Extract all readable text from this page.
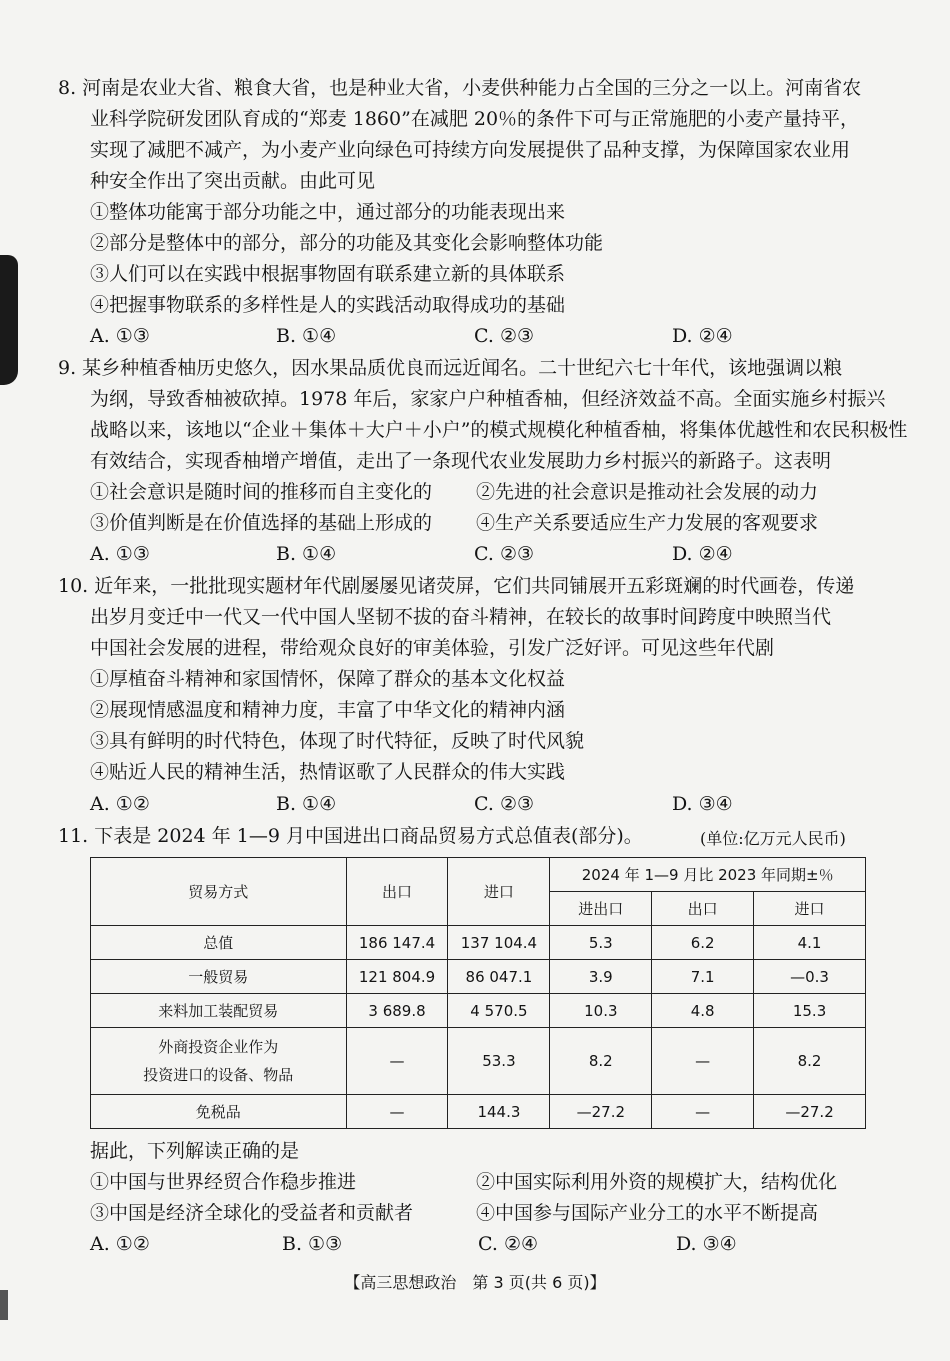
8. 河南是农业大省、粮食大省，也是种业大省，小麦供种能力占全国的三分之一以上。河南省农
业科学院研发团队育成的“郑麦 1860”在减肥 20％的条件下可与正常施肥的小麦产量持平，
实现了减肥不减产，为小麦产业向绿色可持续方向发展提供了品种支撑，为保障国家农业用
种安全作出了突出贡献。由此可见
①整体功能寓于部分功能之中，通过部分的功能表现出来
②部分是整体中的部分，部分的功能及其变化会影响整体功能
③人们可以在实践中根据事物固有联系建立新的具体联系
④把握事物联系的多样性是人的实践活动取得成功的基础
A. ①③	B. ①④	C. ②③	D. ②④
9. 某乡种植香柚历史悠久，因水果品质优良而远近闻名。二十世纪六七十年代，该地强调以粮
为纲，导致香柚被砍掉。1978 年后，家家户户种植香柚，但经济效益不高。全面实施乡村振兴
战略以来，该地以“企业＋集体＋大户＋小户”的模式规模化种植香柚，将集体优越性和农民积极性
有效结合，实现香柚增产增值，走出了一条现代农业发展助力乡村振兴的新路子。这表明
①社会意识是随时间的推移而自主变化的 ②先进的社会意识是推动社会发展的动力
③价值判断是在价值选择的基础上形成的 ④生产关系要适应生产力发展的客观要求
A. ①③	B. ①④	C. ②③	D. ②④
10. 近年来，一批批现实题材年代剧屡屡见诸荧屏，它们共同铺展开五彩斑斓的时代画卷，传递
出岁月变迁中一代又一代中国人坚韧不拔的奋斗精神，在较长的故事时间跨度中映照当代
中国社会发展的进程，带给观众良好的审美体验，引发广泛好评。可见这些年代剧
①厚植奋斗精神和家国情怀，保障了群众的基本文化权益
②展现情感温度和精神力度，丰富了中华文化的精神内涵
③具有鲜明的时代特色，体现了时代特征，反映了时代风貌
④贴近人民的精神生活，热情讴歌了人民群众的伟大实践
A. ①②	B. ①④	C. ②③	D. ③④
11. 下表是 2024 年 1—9 月中国进出口商品贸易方式总值表(部分)。	(单位:亿万元人民币)
贸易方式	出口	进口	2024 年 1—9 月比 2023 年同期±％		
			进出口	出口	进口
总值	186 147.4	137 104.4	5.3	6.2	4.1
一般贸易	121 804.9	86 047.1	3.9	7.1	—0.3
来料加工装配贸易	3 689.8	4 570.5	10.3	4.8	15.3

外商投资企业作为
投资进口的设备、物品	—	53.3	8.2	—	8.2
免税品	—	144.3	—27.2	—	—27.2
据此，下列解读正确的是
①中国与世界经贸合作稳步推进	②中国实际利用外资的规模扩大，结构优化
③中国是经济全球化的受益者和贡献者	④中国参与国际产业分工的水平不断提高
A. ①②	B. ①③	C. ②④	D. ③④
【高三思想政治　第 3 页(共 6 页)】
